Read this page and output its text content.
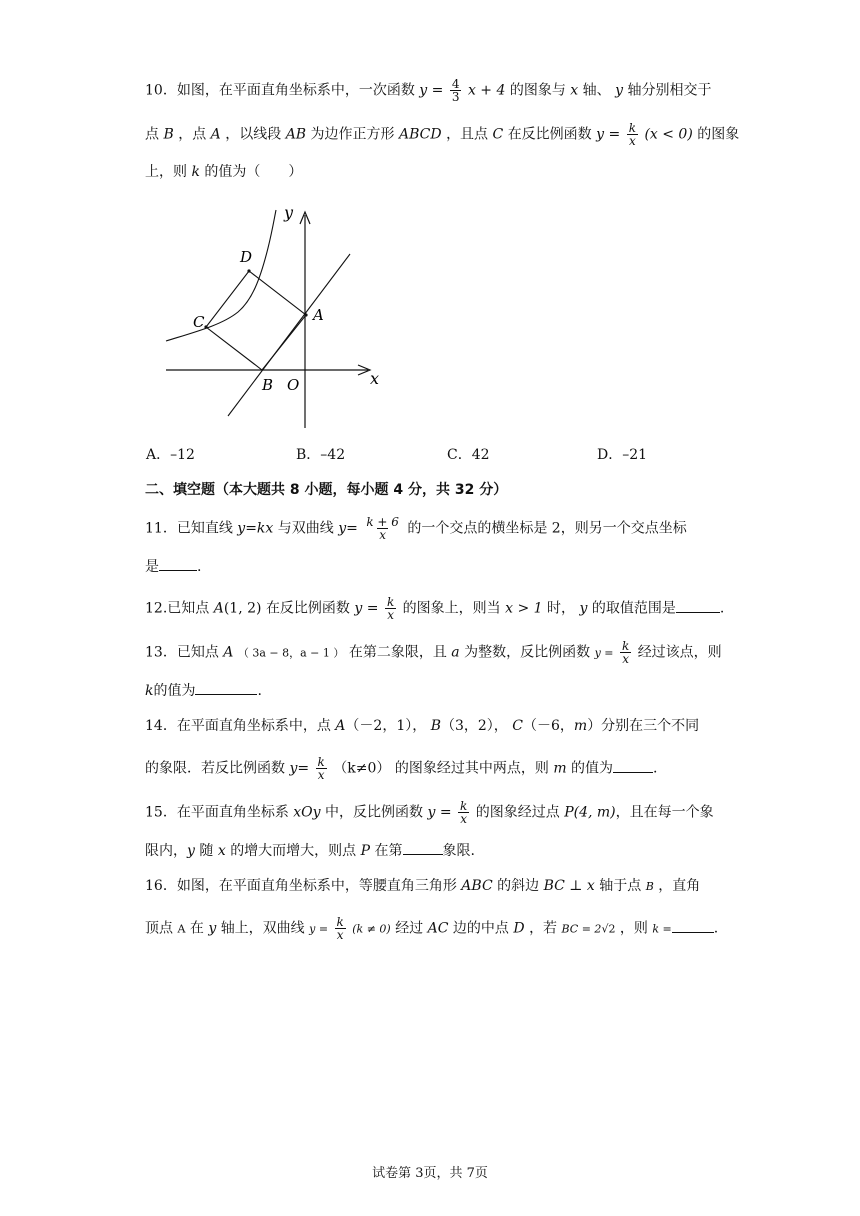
10．如图，在平面直角坐标系中，一次函数 $y = \frac{4}{3}$ x + 4 的图象与 x 轴、 y 轴分别相交于
点 B ，点 A ，以线段 AB 为边作正方形 ABCD ，且点 C 在反比例函数 $y = \frac{k}{x} (x < 0)$ 的图象
上，则 k 的值为（　　）
y
x
D
C	A
B O
A．–12	B．–42	C．42	D．–21
二、填空题（本大题共 8 小题，每小题 4 分，共 32 分）
11．已知直线 y=kx 与双曲线 $y= \frac{k + 6}{x}$ 的一个交点的横坐标是 2，则另一个交点坐标
是	.
12.已知点 A(1, 2) 在反比例函数 $y = \frac{k}{x}$ 的图象上，则当 x > 1 时， y 的取值范围是	.
13．已知点 A （ 3a − 8，a − 1 ） 在第二象限，且 a 为整数，反比例函数 $y = \frac{k}{x}$ 经过该点，则
k的值为	.
14．在平面直角坐标系中，点 A（－2，1）， B（3，2）， C（－6，m）分别在三个不同
的象限．若反比例函数 $y= \frac{k}{x} (k\ne 0)$ 的图象经过其中两点，则 m 的值为	.
15．在平面直角坐标系 xOy 中，反比例函数 $y = \frac{k}{x}$ 的图象经过点 P(4, m)，且在每一个象
限内，y 随 x 的增大而增大，则点 P 在第	象限.
16．如图，在平面直角坐标系中，等腰直角三角形 ABC 的斜边 BC ⊥ x 轴于点 B ，直角
顶点 A 在 y 轴上，双曲线 $y = \frac{k}{x} (k \ne 0)$ 经过 AC 边的中点 D ，若 BC = 2√2 ，则 k =	.
试卷第 3页，共 7页
